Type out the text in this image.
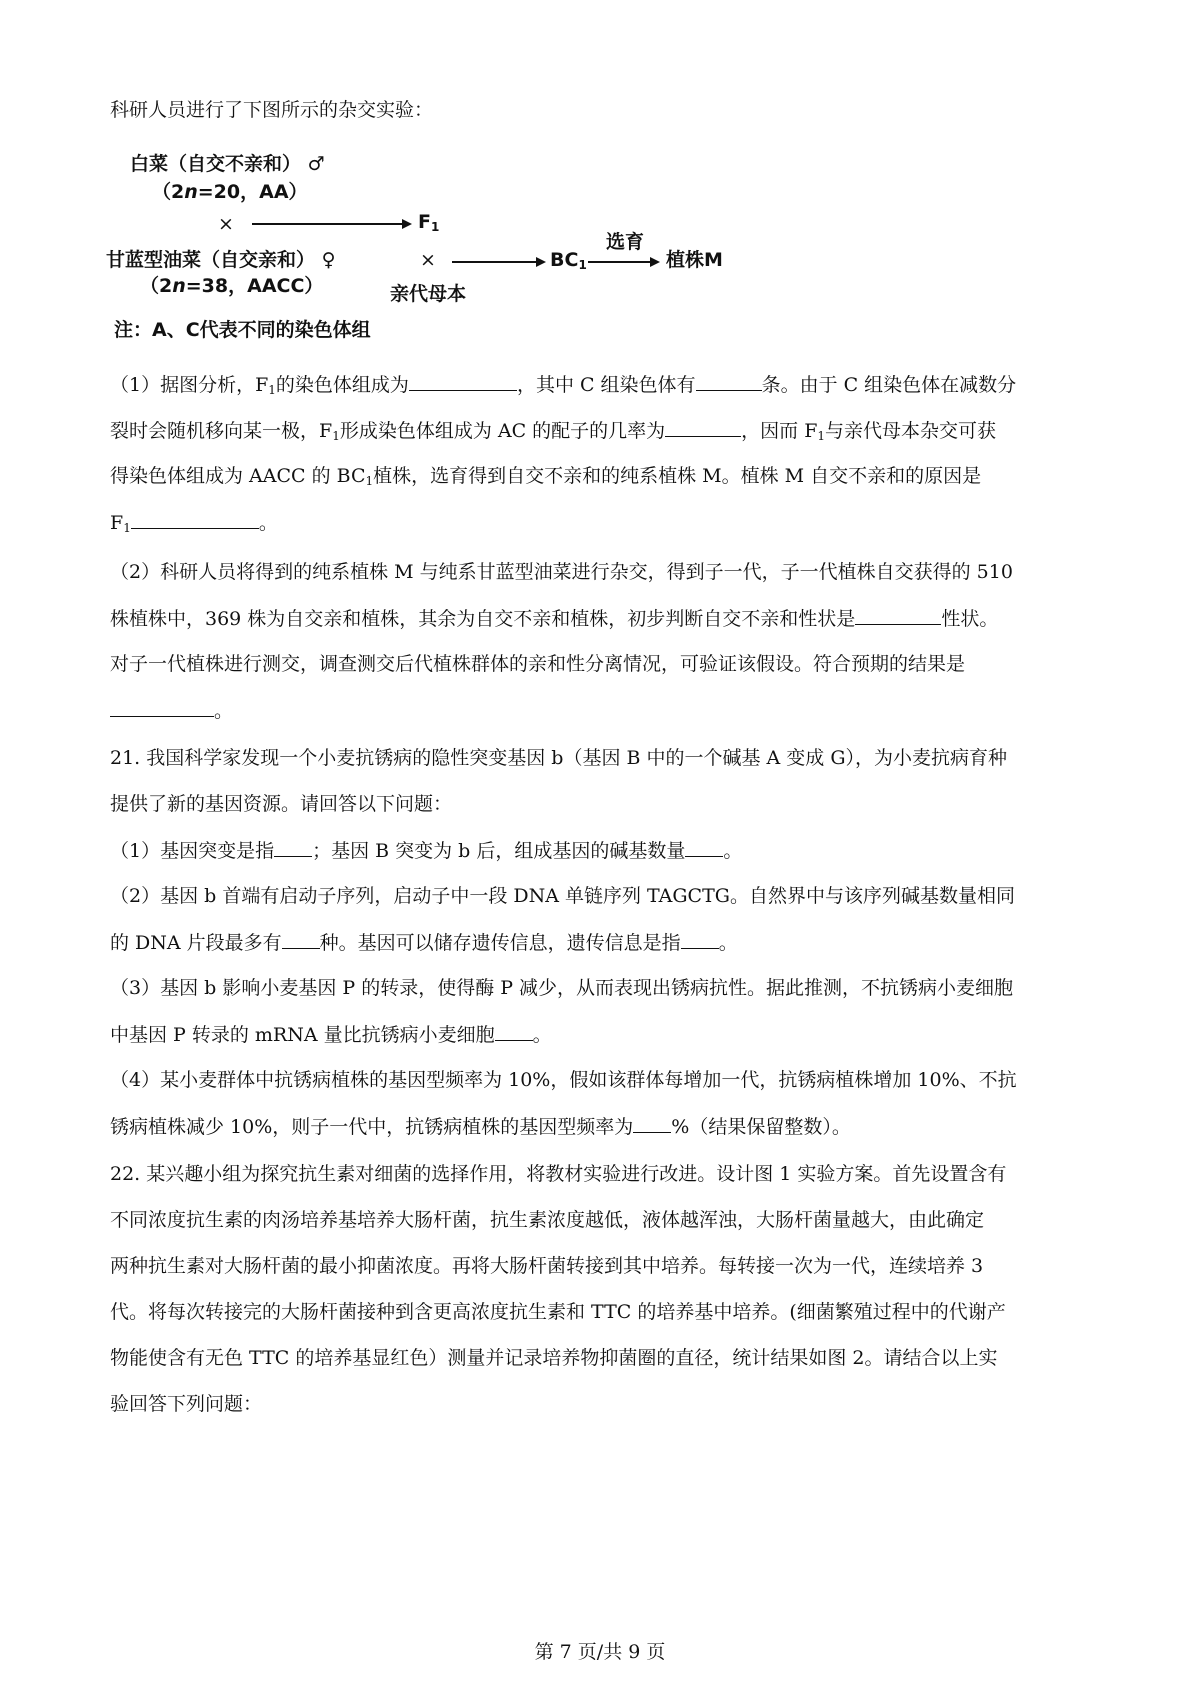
科研人员进行了下图所示的杂交实验：
白菜（自交不亲和） ♂
（2n=20，AA）
×	$F_1$
甘蓝型油菜（自交亲和） ♀
（2n=38，AACC）
×	$BC_1$
选育
植株M
亲代母本
注：A、C代表不同的染色体组
（1）据图分析，$F_1$的染色体组成为	，其中 C 组染色体有	条。由于 C 组染色体在减数分
裂时会随机移向某一极，$F_1$形成染色体组成为 AC 的配子的几率为	，因而 $F_1$与亲代母本杂交可获
得染色体组成为 AACC 的 $BC_1$植株，选育得到自交不亲和的纯系植株 M。植株 M 自交不亲和的原因是
$F_1$	。
（2）科研人员将得到的纯系植株 M 与纯系甘蓝型油菜进行杂交，得到子一代，子一代植株自交获得的 510
株植株中，369 株为自交亲和植株，其余为自交不亲和植株，初步判断自交不亲和性状是	性状。
对子一代植株进行测交，调查测交后代植株群体的亲和性分离情况，可验证该假设。符合预期的结果是
。
21. 我国科学家发现一个小麦抗锈病的隐性突变基因 b（基因 B 中的一个碱基 A 变成 G），为小麦抗病育种
提供了新的基因资源。请回答以下问题：
（1）基因突变是指 ；基因 B 突变为 b 后，组成基因的碱基数量 。
（2）基因 b 首端有启动子序列，启动子中一段 DNA 单链序列 TAGCTG。自然界中与该序列碱基数量相同
的 DNA 片段最多有 种。基因可以储存遗传信息，遗传信息是指 。
（3）基因 b 影响小麦基因 P 的转录，使得酶 P 减少，从而表现出锈病抗性。据此推测，不抗锈病小麦细胞
中基因 P 转录的 mRNA 量比抗锈病小麦细胞 。
（4）某小麦群体中抗锈病植株的基因型频率为 10%，假如该群体每增加一代，抗锈病植株增加 10%、不抗
锈病植株减少 10%，则子一代中，抗锈病植株的基因型频率为 %（结果保留整数）。
22. 某兴趣小组为探究抗生素对细菌的选择作用，将教材实验进行改进。设计图 1 实验方案。首先设置含有
不同浓度抗生素的肉汤培养基培养大肠杆菌，抗生素浓度越低，液体越浑浊，大肠杆菌量越大，由此确定
两种抗生素对大肠杆菌的最小抑菌浓度。再将大肠杆菌转接到其中培养。每转接一次为一代，连续培养 3
代。将每次转接完的大肠杆菌接种到含更高浓度抗生素和 TTC 的培养基中培养。(细菌繁殖过程中的代谢产
物能使含有无色 TTC 的培养基显红色）测量并记录培养物抑菌圈的直径，统计结果如图 2。请结合以上实
验回答下列问题：
第 7 页/共 9 页
